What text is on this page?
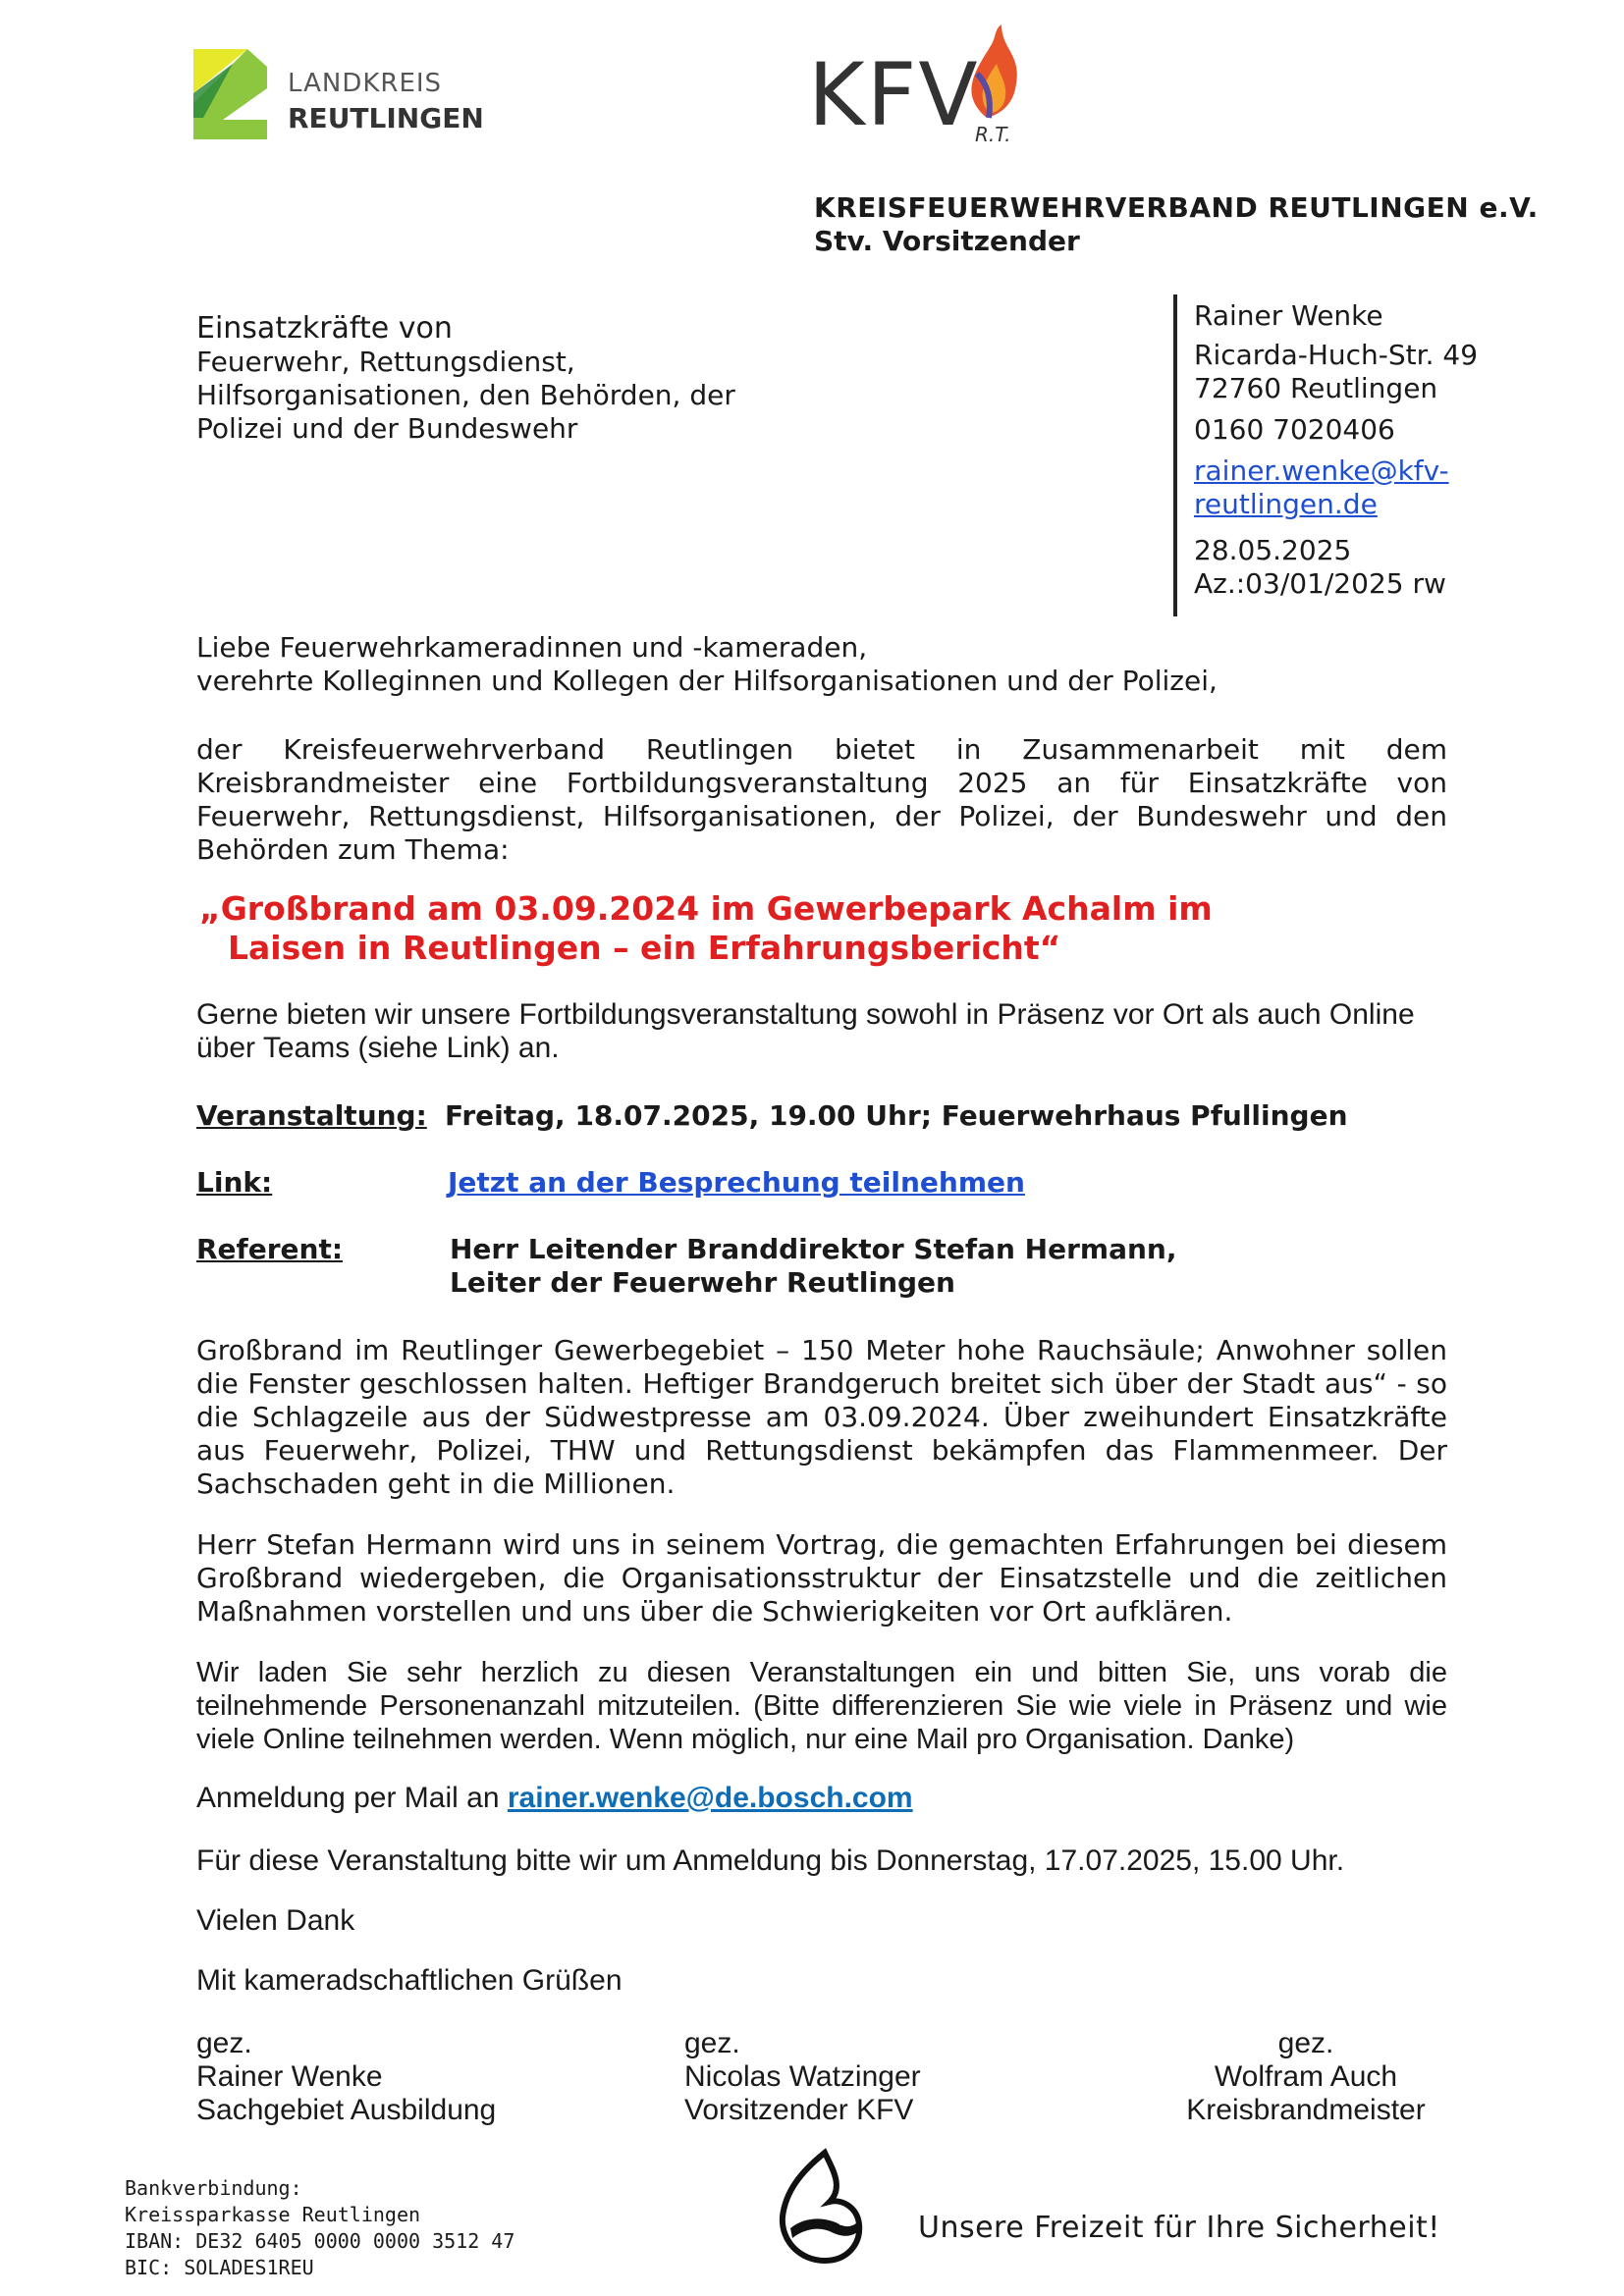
LANDKREIS
REUTLINGEN	KFV
R.T.
KREISFEUERWEHRVERBAND REUTLINGEN e.V.
Stv. Vorsitzender
Einsatzkräfte von
Feuerwehr, Rettungsdienst,
Hilfsorganisationen, den Behörden, der
Polizei und der Bundeswehr
Rainer Wenke
Ricarda-Huch-Str. 49
72760 Reutlingen
0160 7020406
rainer.wenke@kfv-
reutlingen.de
28.05.2025
Az.:03/01/2025 rw
Liebe Feuerwehrkameradinnen und -kameraden,
verehrte Kolleginnen und Kollegen der Hilfsorganisationen und der Polizei,
der Kreisfeuerwehrverband Reutlingen bietet in Zusammenarbeit mit dem Kreisbrandmeister eine Fortbildungsveranstaltung 2025 an für Einsatzkräfte von Feuerwehr, Rettungsdienst, Hilfsorganisationen, der Polizei, der Bundeswehr und den Behörden zum Thema:
„Großbrand am 03.09.2024 im Gewerbepark Achalm im
Laisen in Reutlingen – ein Erfahrungsbericht“
Gerne bieten wir unsere Fortbildungsveranstaltung sowohl in Präsenz vor Ort als auch Online über Teams (siehe Link) an.
Veranstaltung: Freitag, 18.07.2025, 19.00 Uhr; Feuerwehrhaus Pfullingen
Link:	Jetzt an der Besprechung teilnehmen
Referent:	Herr Leitender Branddirektor Stefan Hermann,
Leiter der Feuerwehr Reutlingen
Großbrand im Reutlinger Gewerbegebiet – 150 Meter hohe Rauchsäule; Anwohner sollen die Fenster geschlossen halten. Heftiger Brandgeruch breitet sich über der Stadt aus“ - so die Schlagzeile aus der Südwestpresse am 03.09.2024. Über zweihundert Einsatzkräfte aus Feuerwehr, Polizei, THW und Rettungsdienst bekämpfen das Flammenmeer. Der Sachschaden geht in die Millionen.
Herr Stefan Hermann wird uns in seinem Vortrag, die gemachten Erfahrungen bei diesem Großbrand wiedergeben, die Organisationsstruktur der Einsatzstelle und die zeitlichen Maßnahmen vorstellen und uns über die Schwierigkeiten vor Ort aufklären.
Wir laden Sie sehr herzlich zu diesen Veranstaltungen ein und bitten Sie, uns vorab die teilnehmende Personenanzahl mitzuteilen. (Bitte differenzieren Sie wie viele in Präsenz und wie viele Online teilnehmen werden. Wenn möglich, nur eine Mail pro Organisation. Danke)
Anmeldung per Mail an rainer.wenke@de.bosch.com
Für diese Veranstaltung bitte wir um Anmeldung bis Donnerstag, 17.07.2025, 15.00 Uhr.
Vielen Dank
Mit kameradschaftlichen Grüßen
gez.
Rainer Wenke
Sachgebiet Ausbildung
gez.
Nicolas Watzinger
Vorsitzender KFV
gez.
Wolfram Auch
Kreisbrandmeister
Bankverbindung:
Kreissparkasse Reutlingen
IBAN: DE32 6405 0000 0000 3512 47
BIC: SOLADES1REU
Unsere Freizeit für Ihre Sicherheit!
